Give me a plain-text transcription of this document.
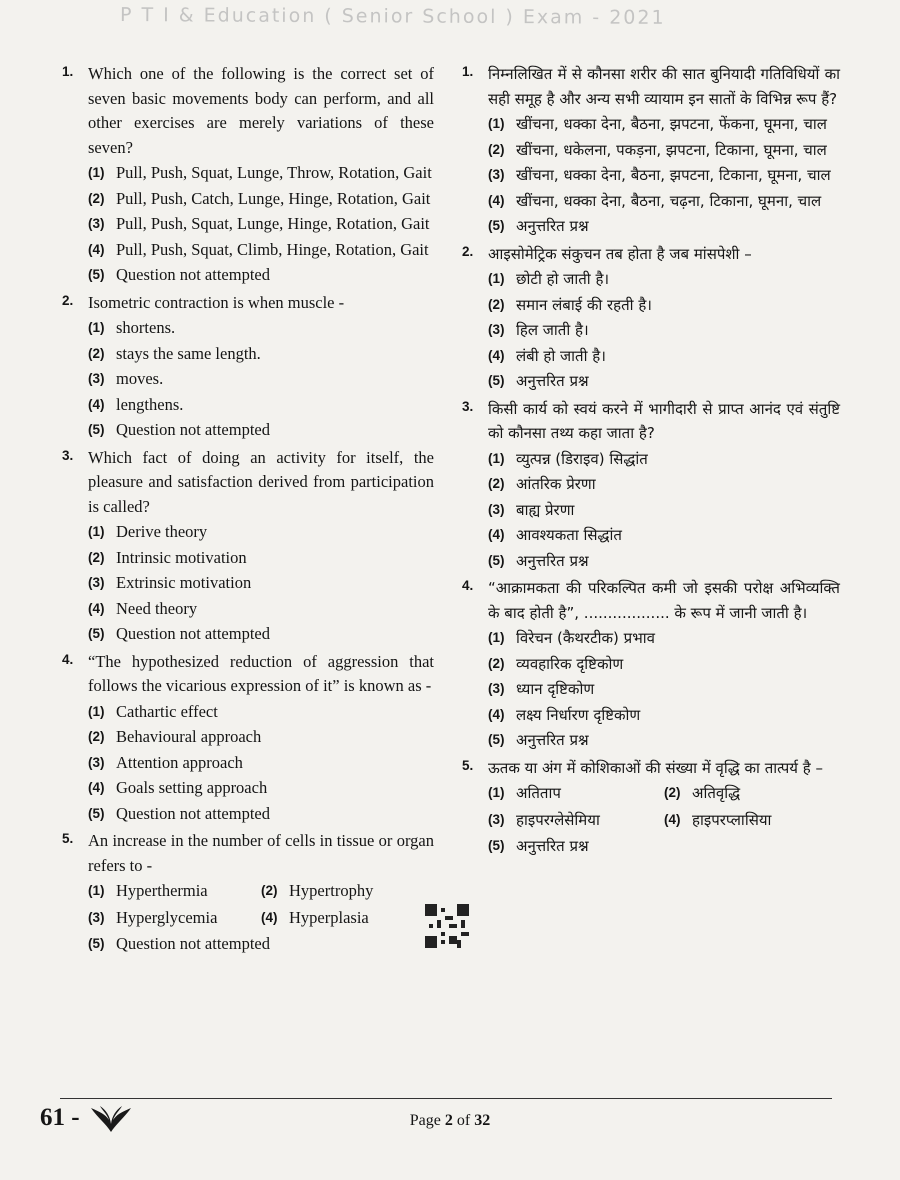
P T I & Education ( Senior School ) Exam - 2021
1. Which one of the following is the correct set of seven basic movements body can perform, and all other exercises are merely variations of these seven?
(1) Pull, Push, Squat, Lunge, Throw, Rotation, Gait
(2) Pull, Push, Catch, Lunge, Hinge, Rotation, Gait
(3) Pull, Push, Squat, Lunge, Hinge, Rotation, Gait
(4) Pull, Push, Squat, Climb, Hinge, Rotation, Gait
(5) Question not attempted
2. Isometric contraction is when muscle -
(1) shortens.
(2) stays the same length.
(3) moves.
(4) lengthens.
(5) Question not attempted
3. Which fact of doing an activity for itself, the pleasure and satisfaction derived from participation is called?
(1) Derive theory
(2) Intrinsic motivation
(3) Extrinsic motivation
(4) Need theory
(5) Question not attempted
4. “The hypothesized reduction of aggression that follows the vicarious expression of it” is known as -
(1) Cathartic effect
(2) Behavioural approach
(3) Attention approach
(4) Goals setting approach
(5) Question not attempted
5. An increase in the number of cells in tissue or organ refers to -
(1) Hyperthermia	(2) Hypertrophy
(3) Hyperglycemia	(4) Hyperplasia
(5) Question not attempted
1. निम्नलिखित में से कौनसा शरीर की सात बुनियादी गतिविधियों का सही समूह है और अन्य सभी व्यायाम इन सातों के विभिन्न रूप हैं?
(1) खींचना, धक्का देना, बैठना, झपटना, फेंकना, घूमना, चाल
(2) खींचना, धकेलना, पकड़ना, झपटना, टिकाना, घूमना, चाल
(3) खींचना, धक्का देना, बैठना, झपटना, टिकाना, घूमना, चाल
(4) खींचना, धक्का देना, बैठना, चढ़ना, टिकाना, घूमना, चाल
(5) अनुत्तरित प्रश्न
2. आइसोमेट्रिक संकुचन तब होता है जब मांसपेशी –
(1) छोटी हो जाती है।
(2) समान लंबाई की रहती है।
(3) हिल जाती है।
(4) लंबी हो जाती है।
(5) अनुत्तरित प्रश्न
3. किसी कार्य को स्वयं करने में भागीदारी से प्राप्त आनंद एवं संतुष्टि को कौनसा तथ्य कहा जाता है?
(1) व्युत्पन्न (डिराइव) सिद्धांत
(2) आंतरिक प्रेरणा
(3) बाह्य प्रेरणा
(4) आवश्यकता सिद्धांत
(5) अनुत्तरित प्रश्न
4. “आक्रामकता की परिकल्पित कमी जो इसकी परोक्ष अभिव्यक्ति के बाद होती है”, .................. के रूप में जानी जाती है।
(1) विरेचन (कैथरटीक) प्रभाव
(2) व्यवहारिक दृष्टिकोण
(3) ध्यान दृष्टिकोण
(4) लक्ष्य निर्धारण दृष्टिकोण
(5) अनुत्तरित प्रश्न
5. ऊतक या अंग में कोशिकाओं की संख्या में वृद्धि का तात्पर्य है –
(1) अतिताप	(2) अतिवृद्धि
(3) हाइपरग्लेसेमिया	(4) हाइपरप्लासिया
(5) अनुत्तरित प्रश्न
61 -	Page 2 of 32
